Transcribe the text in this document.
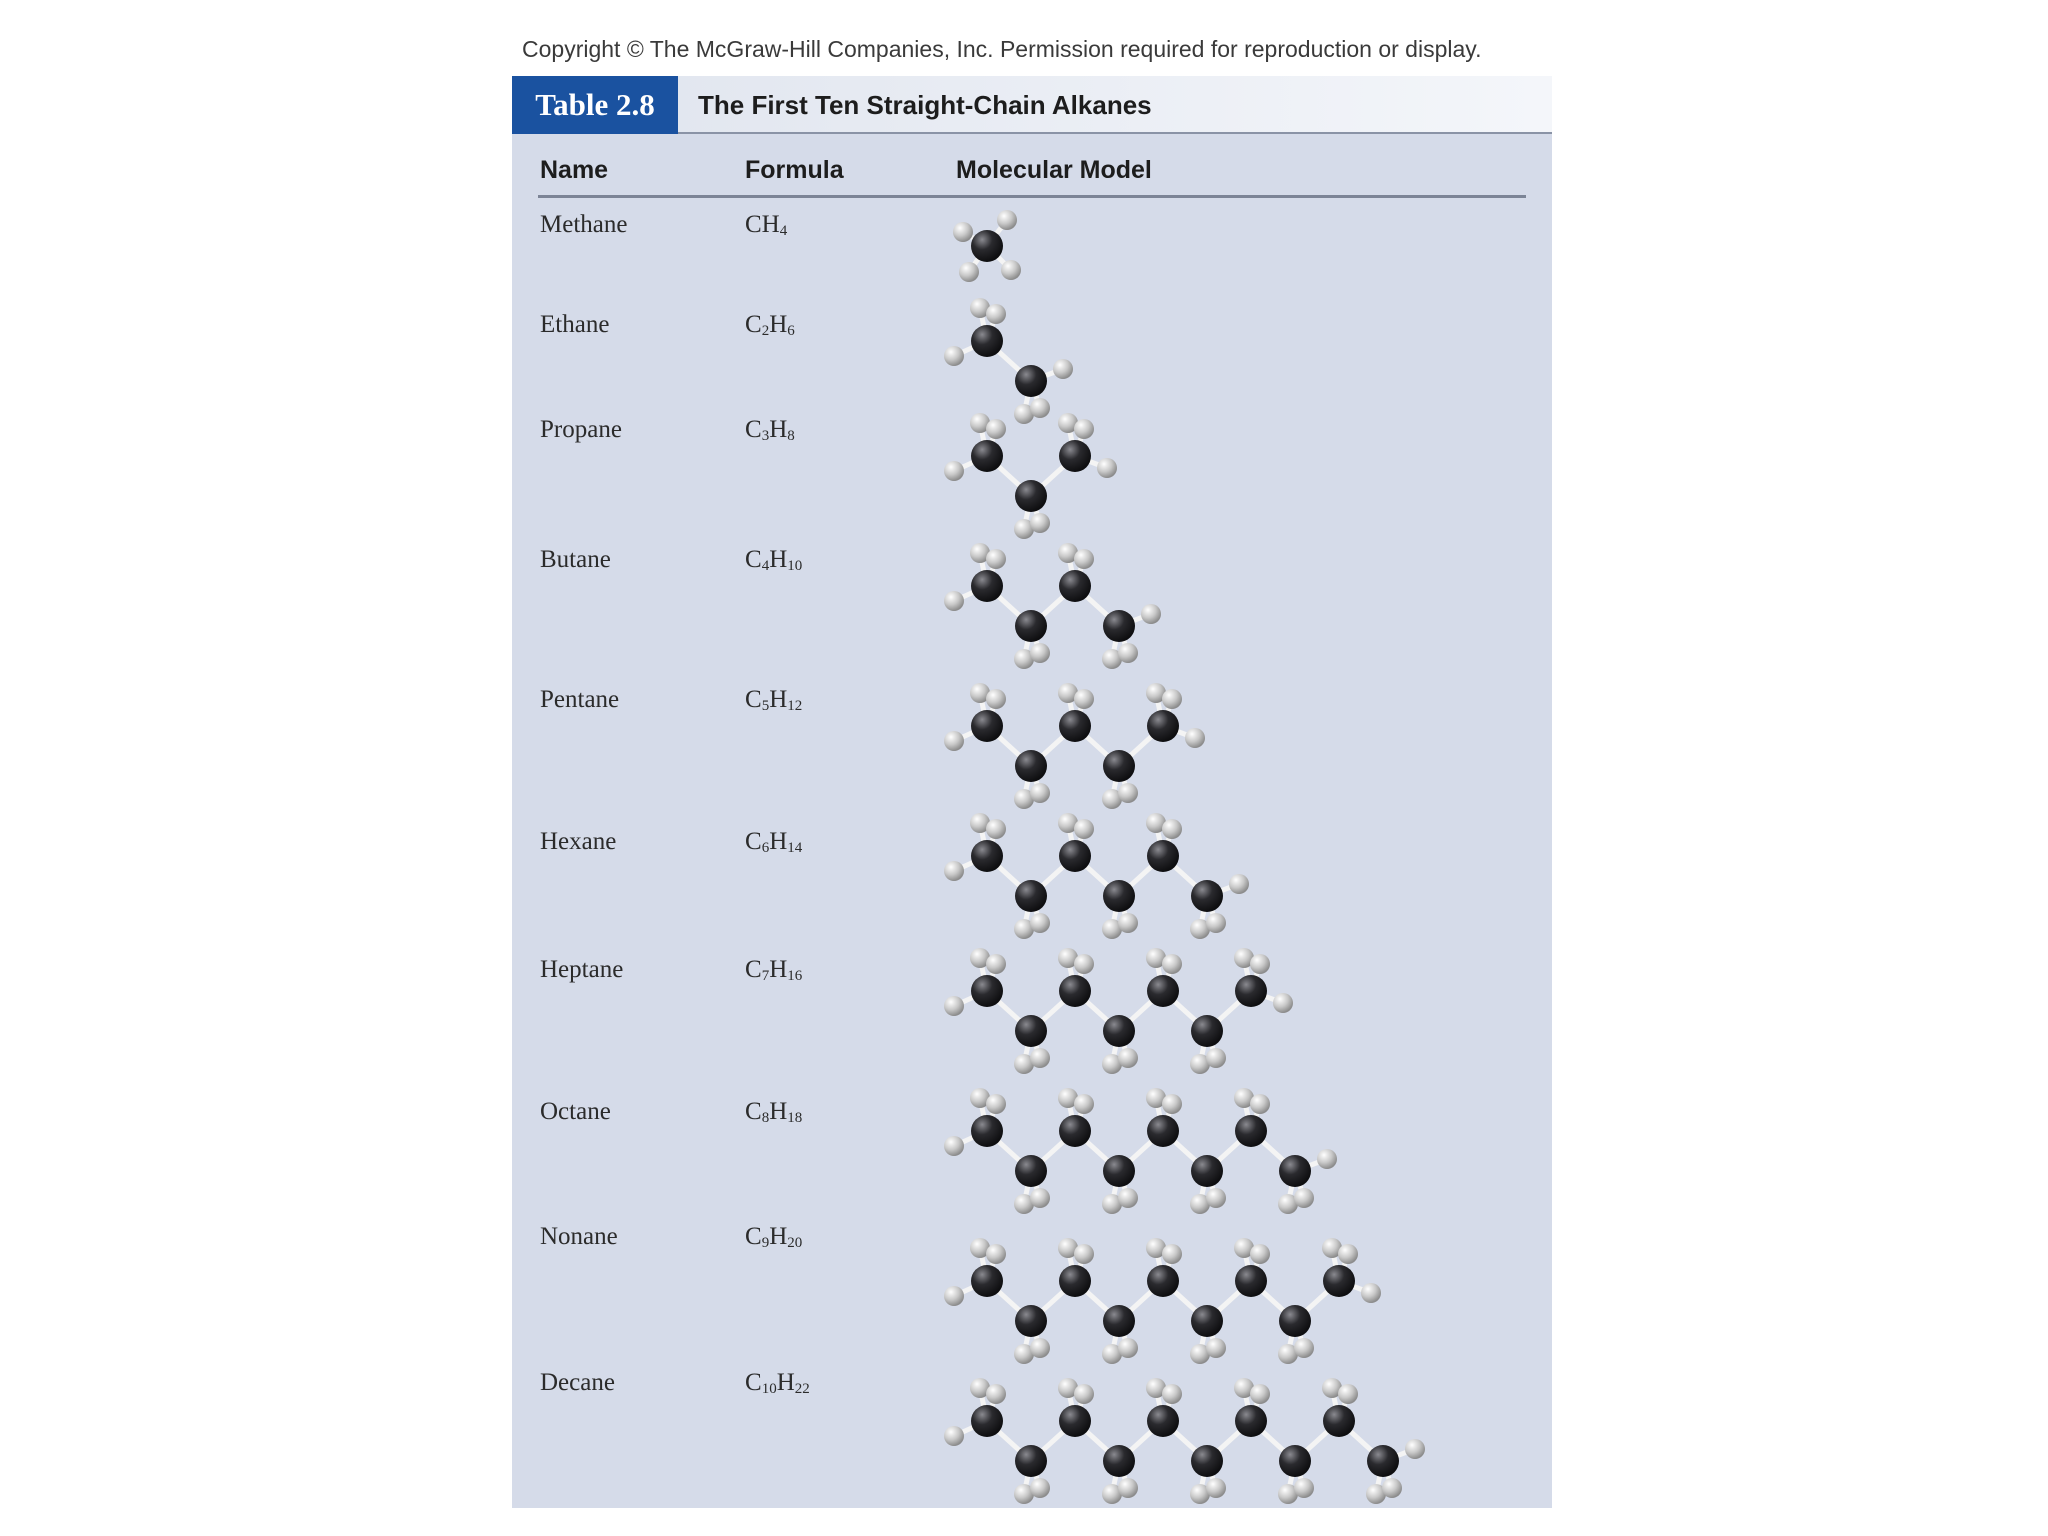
Copyright © The McGraw-Hill Companies, Inc. Permission required for reproduction or display.
Table 2.8	The First Ten Straight-Chain Alkanes
Name	Formula	Molecular Model
Methane	$CH_4$
Ethane	$C_2H_6$
Propane	$C_3H_8$
Butane	$C_4H_{10}$
Pentane	$C_5H_{12}$
Hexane	$C_6H_{14}$
Heptane	$C_7H_{16}$
Octane	$C_8H_{18}$
Nonane	$C_9H_{20}$
Decane	$C_{10}H_{22}$
